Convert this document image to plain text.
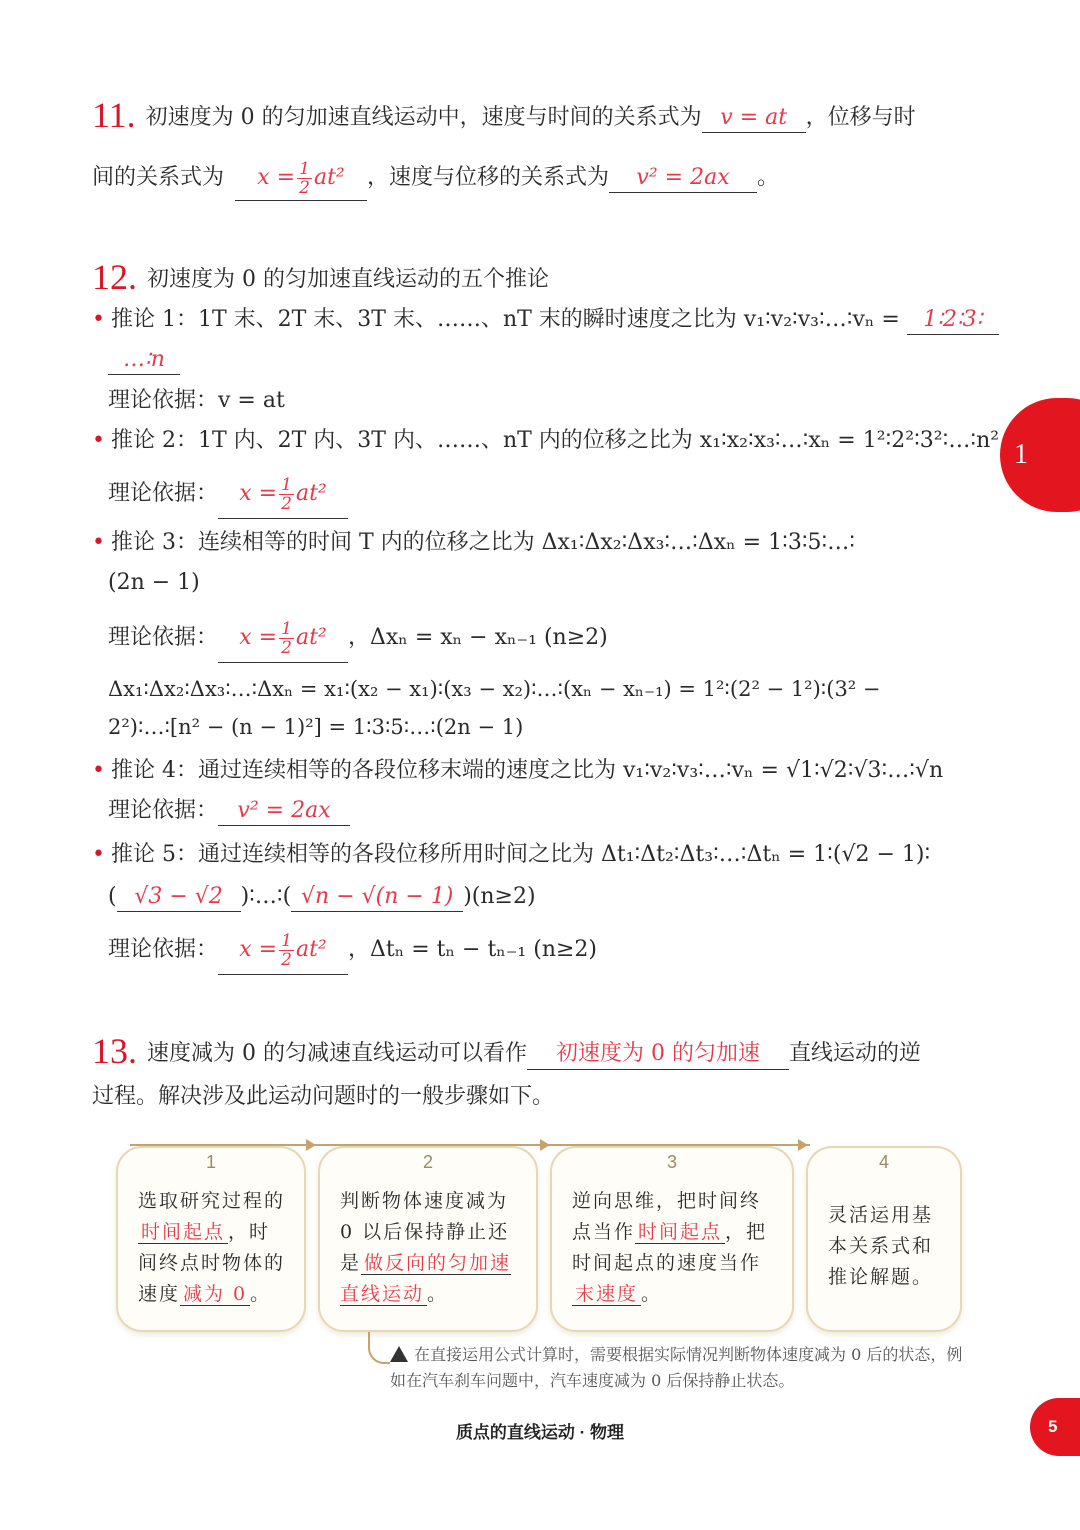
11. 初速度为 0 的匀加速直线运动中，速度与时间的关系式为 v = at ，位移与时
间的关系式为 $x = \frac{1}{2} at^2$ ，速度与位移的关系式为 v² = 2ax 。
12. 初速度为 0 的匀加速直线运动的五个推论
• 推论 1：1T 末、2T 末、3T 末、……、nT 末的瞬时速度之比为 v₁∶v₂∶v₃∶…∶vₙ = 1∶2∶3∶
…∶n
理论依据：v = at
• 推论 2：1T 内、2T 内、3T 内、……、nT 内的位移之比为 x₁∶x₂∶x₃∶…∶xₙ = 1²∶2²∶3²∶…∶n²
理论依据： $x = \frac{1}{2} at^2$
• 推论 3：连续相等的时间 T 内的位移之比为 Δx₁∶Δx₂∶Δx₃∶…∶Δxₙ = 1∶3∶5∶…∶
(2n − 1)
理论依据： $x = \frac{1}{2} at^2$ ，Δxₙ = xₙ − xₙ₋₁ (n≥2)
Δx₁∶Δx₂∶Δx₃∶…∶Δxₙ = x₁∶(x₂ − x₁)∶(x₃ − x₂)∶…∶(xₙ − xₙ₋₁) = 1²∶(2² − 1²)∶(3² −
2²)∶…∶[n² − (n − 1)²] = 1∶3∶5∶…∶(2n − 1)
• 推论 4：通过连续相等的各段位移末端的速度之比为 v₁∶v₂∶v₃∶…∶vₙ = √1∶√2∶√3∶…∶√n
理论依据： v² = 2ax
• 推论 5：通过连续相等的各段位移所用时间之比为 Δt₁∶Δt₂∶Δt₃∶…∶Δtₙ = 1∶(√2 − 1)∶
( √3 − √2 )∶…∶( √n − √(n − 1) )(n≥2)
理论依据： $x = \frac{1}{2} at^2$ ，Δtₙ = tₙ − tₙ₋₁ (n≥2)
13. 速度减为 0 的匀减速直线运动可以看作 初速度为 0 的匀加速 直线运动的逆
过程。解决涉及此运动问题时的一般步骤如下。
1
选取研究过程的时间起点 ，时间终点时物体的速度 减为 0 。
2
判断物体速度减为 0 以后保持静止还是 做反向的匀加速直线运动 。
3
逆向思维，把时间终点当作 时间起点 ，把时间起点的速度当作末速度 。
4
灵活运用基本关系式和推论解题。
在直接运用公式计算时，需要根据实际情况判断物体速度减为 0 后的状态，例如在汽车刹车问题中，汽车速度减为 0 后保持静止状态。
1
质点的直线运动 · 物理	5
